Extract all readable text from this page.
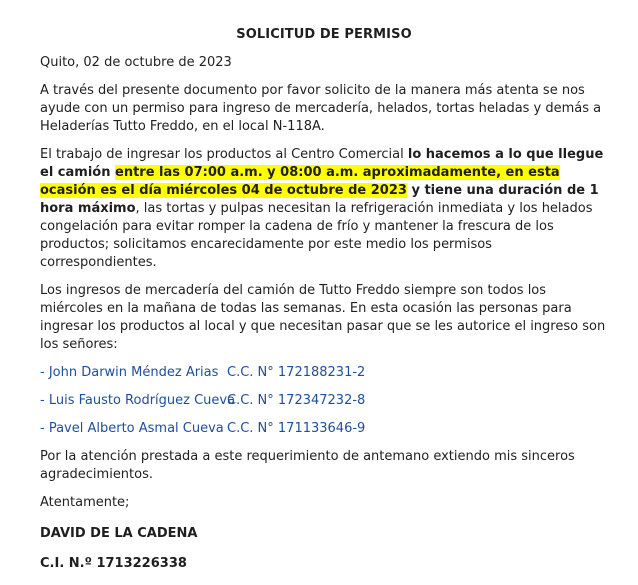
SOLICITUD DE PERMISO

Quito, 02 de octubre de 2023

A través del presente documento por favor solicito de la manera más atenta se nos ayude con un permiso para ingreso de mercadería, helados, tortas heladas y demás a Heladerías Tutto Freddo, en el local N-118A.

El trabajo de ingresar los productos al Centro Comercial lo hacemos a lo que llegue el camión entre las 07:00 a.m. y 08:00 a.m. aproximadamente, en esta ocasión es el día miércoles 04 de octubre de 2023 y tiene una duración de 1 hora máximo, las tortas y pulpas necesitan la refrigeración inmediata y los helados congelación para evitar romper la cadena de frío y mantener la frescura de los productos; solicitamos encarecidamente por este medio los permisos correspondientes.

Los ingresos de mercadería del camión de Tutto Freddo siempre son todos los miércoles en la mañana de todas las semanas. En esta ocasión las personas para ingresar los productos al local y que necesitan pasar que se les autorice el ingreso son los señores:

- John Darwin Méndez Arias C.C. N° 172188231-2
- Luis Fausto Rodríguez CuevaC.C. N° 172347232-8
- Pavel Alberto Asmal Cueva C.C. N° 171133646-9

Por la atención prestada a este requerimiento de antemano extiendo mis sinceros agradecimientos.

Atentamente;

DAVID DE LA CADENA
C.I. N.º 1713226338
